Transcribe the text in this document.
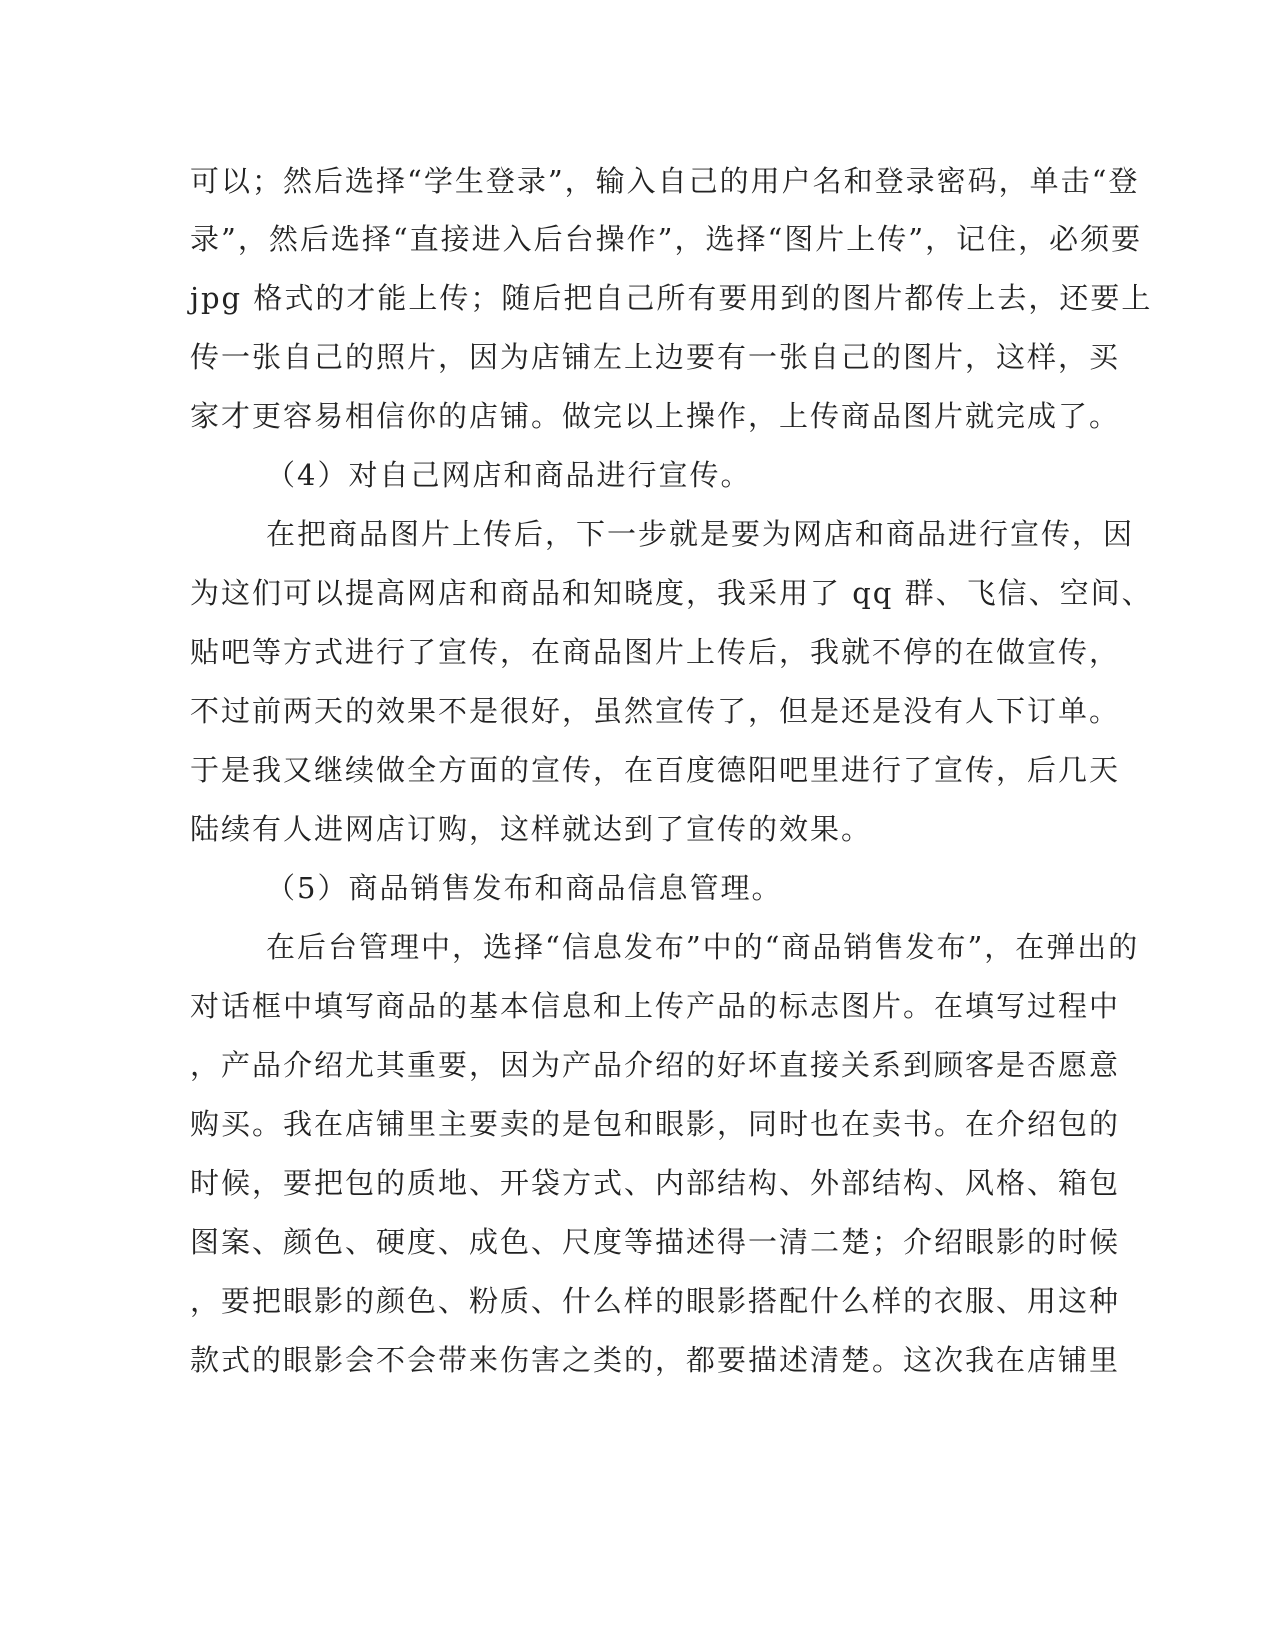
可以；然后选择“学生登录”，输入自己的用户名和登录密码，单击“登
录”，然后选择“直接进入后台操作”，选择“图片上传”，记住，必须要
jpg 格式的才能上传；随后把自己所有要用到的图片都传上去，还要上
传一张自己的照片，因为店铺左上边要有一张自己的图片，这样，买
家才更容易相信你的店铺。做完以上操作，上传商品图片就完成了。
（4）对自己网店和商品进行宣传。
在把商品图片上传后，下一步就是要为网店和商品进行宣传，因
为这们可以提高网店和商品和知晓度，我采用了 qq 群、飞信、空间、
贴吧等方式进行了宣传，在商品图片上传后，我就不停的在做宣传，
不过前两天的效果不是很好，虽然宣传了，但是还是没有人下订单。
于是我又继续做全方面的宣传，在百度德阳吧里进行了宣传，后几天
陆续有人进网店订购，这样就达到了宣传的效果。
（5）商品销售发布和商品信息管理。
在后台管理中，选择“信息发布”中的“商品销售发布”，在弹出的
对话框中填写商品的基本信息和上传产品的标志图片。在填写过程中
，产品介绍尤其重要，因为产品介绍的好坏直接关系到顾客是否愿意
购买。我在店铺里主要卖的是包和眼影，同时也在卖书。在介绍包的
时候，要把包的质地、开袋方式、内部结构、外部结构、风格、箱包
图案、颜色、硬度、成色、尺度等描述得一清二楚；介绍眼影的时候
，要把眼影的颜色、粉质、什么样的眼影搭配什么样的衣服、用这种
款式的眼影会不会带来伤害之类的，都要描述清楚。这次我在店铺里
